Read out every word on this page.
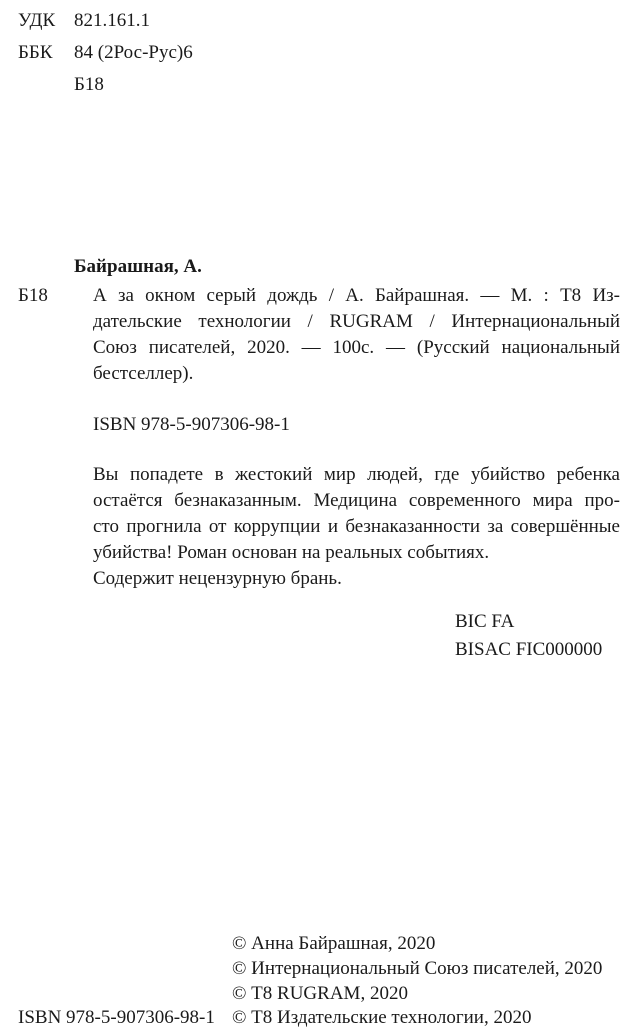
УДК 821.161.1
ББК 84 (2Рос-Рус)6
Б18
Байрашная, А.
Б18 А за окном серый дождь / А. Байрашная. — М. : Т8 Из-
дательские технологии / RUGRAM / Интернациональный
Союз писателей, 2020. — 100с. — (Русский национальный
бестселлер).
ISBN 978-5-907306-98-1
Вы попадете в жестокий мир людей, где убийство ребенка
остаётся безнаказанным. Медицина современного мира про-
сто прогнила от коррупции и безнаказанности за совершённые
убийства! Роман основан на реальных событиях.
Содержит нецензурную брань.
BIC FA
BISAC FIC000000
© Анна Байрашная, 2020
© Интернациональный Союз писателей, 2020
© Т8 RUGRAM, 2020
ISBN 978-5-907306-98-1 © Т8 Издательские технологии, 2020
